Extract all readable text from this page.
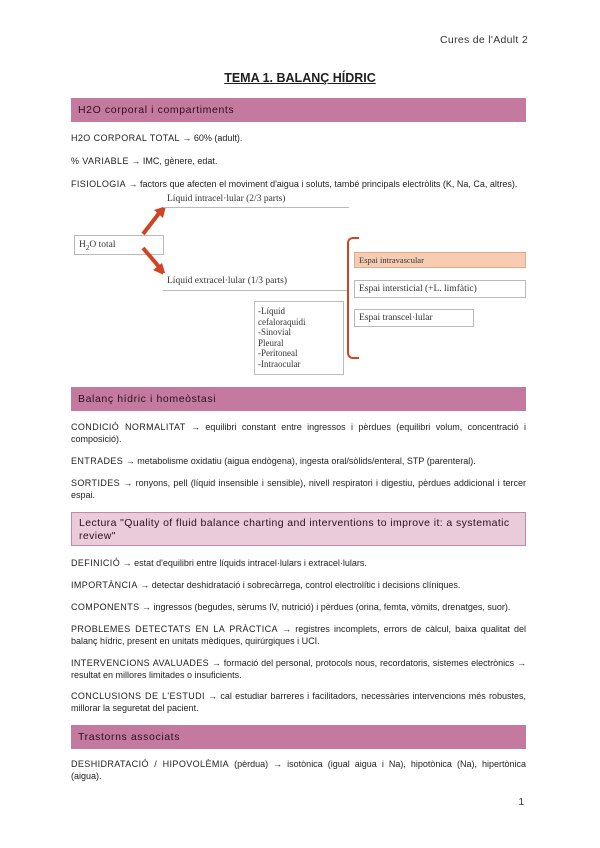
Cures de l'Adult 2
TEMA 1. BALANÇ HÍDRIC
H2O corporal i compartiments
H2O CORPORAL TOTAL → 60% (adult).
% VARIABLE → IMC, gènere, edat.
FISIOLOGIA → factors que afecten el moviment d'aigua i soluts, també principals electròlits (K, Na, Ca, altres).
$H_2O$ total
Líquid intracel·lular (2/3 parts)
Líquid extracel·lular (1/3 parts)
Espai intravascular
Espai intersticial (+L. limfàtic)
Espai transcel·lular
-Líquid
cefaloraquidi
-Sinovial
Pleural
-Peritoneal
-Intraocular
Balanç hídric i homeòstasi
CONDICIÓ NORMALITAT → equilibri constant entre ingressos i pèrdues (equilibri volum, concentració i composició).
ENTRADES → metabolisme oxidatiu (aigua endògena), ingesta oral/sòlids/enteral, STP (parenteral).
SORTIDES → ronyons, pell (líquid insensible i sensible), nivell respiratori i digestiu, pèrdues addicional i tercer espai.
Lectura "Quality of fluid balance charting and interventions to improve it: a systematic review"
DEFINICIÓ → estat d'equilibri entre líquids intracel·lulars i extracel·lulars.
IMPORTÀNCIA → detectar deshidratació i sobrecàrrega, control electrolític i decisions clíniques.
COMPONENTS → ingressos (begudes, sèrums IV, nutrició) i pèrdues (orina, femta, vòmits, drenatges, suor).
PROBLEMES DETECTATS EN LA PRÀCTICA → registres incomplets, errors de càlcul, baixa qualitat del balanç hídric, present en unitats mèdiques, quirúrgiques i UCI.
INTERVENCIONS AVALUADES → formació del personal, protocols nous, recordatoris, sistemes electrònics → resultat en millores limitades o insuficients.
CONCLUSIONS DE L'ESTUDI → cal estudiar barreres i facilitadors, necessàries intervencions més robustes, millorar la seguretat del pacient.
Trastorns associats
DESHIDRATACIÓ / HIPOVOLÈMIA (pèrdua) → isotònica (igual aigua i Na), hipotònica (Na), hipertònica (aigua).
1
